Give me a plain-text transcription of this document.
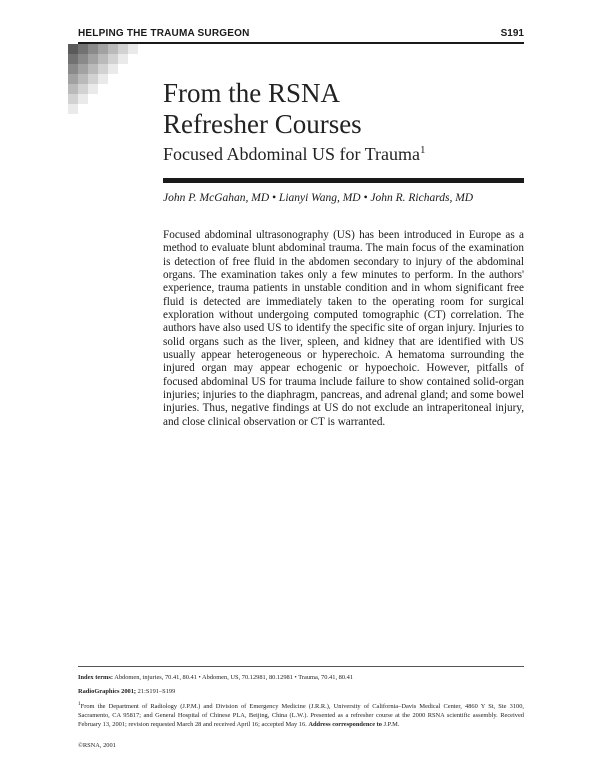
HELPING THE TRAUMA SURGEON	S191
From the RSNA
Refresher Courses
Focused Abdominal US for Trauma$^1$
John P. McGahan, MD • Lianyi Wang, MD • John R. Richards, MD

Focused abdominal ultrasonography (US) has been introduced in Europe as a method to evaluate blunt abdominal trauma. The main focus of the examination is detection of free fluid in the abdomen secondary to injury of the abdominal organs. The examination takes only a few minutes to perform. In the authors' experience, trauma patients in unstable condition and in whom significant free fluid is detected are immediately taken to the operating room for surgical exploration without undergoing computed tomographic (CT) correlation. The authors have also used US to identify the specific site of organ injury. Injuries to solid organs such as the liver, spleen, and kidney that are identified with US usually appear heterogeneous or hyperechoic. A hematoma surrounding the injured organ may appear echogenic or hypoechoic. However, pitfalls of focused abdominal US for trauma include failure to show contained solid-organ injuries; injuries to the diaphragm, pancreas, and adrenal gland; and some bowel injuries. Thus, negative findings at US do not exclude an intraperitoneal injury, and close clinical observation or CT is warranted.

Index terms: Abdomen, injuries, 70.41, 80.41 • Abdomen, US, 70.12981, 80.12981 • Trauma, 70.41, 80.41
RadioGraphics 2001; 21:S191–S199
$^1$From the Department of Radiology (J.P.M.) and Division of Emergency Medicine (J.R.R.), University of California–Davis Medical Center, 4860 Y St, Ste 3100, Sacramento, CA 95817; and General Hospital of Chinese PLA, Beijing, China (L.W.). Presented as a refresher course at the 2000 RSNA scientific assembly. Received February 13, 2001; revision requested March 28 and received April 16; accepted May 16. Address correspondence to J.P.M.
©RSNA, 2001
